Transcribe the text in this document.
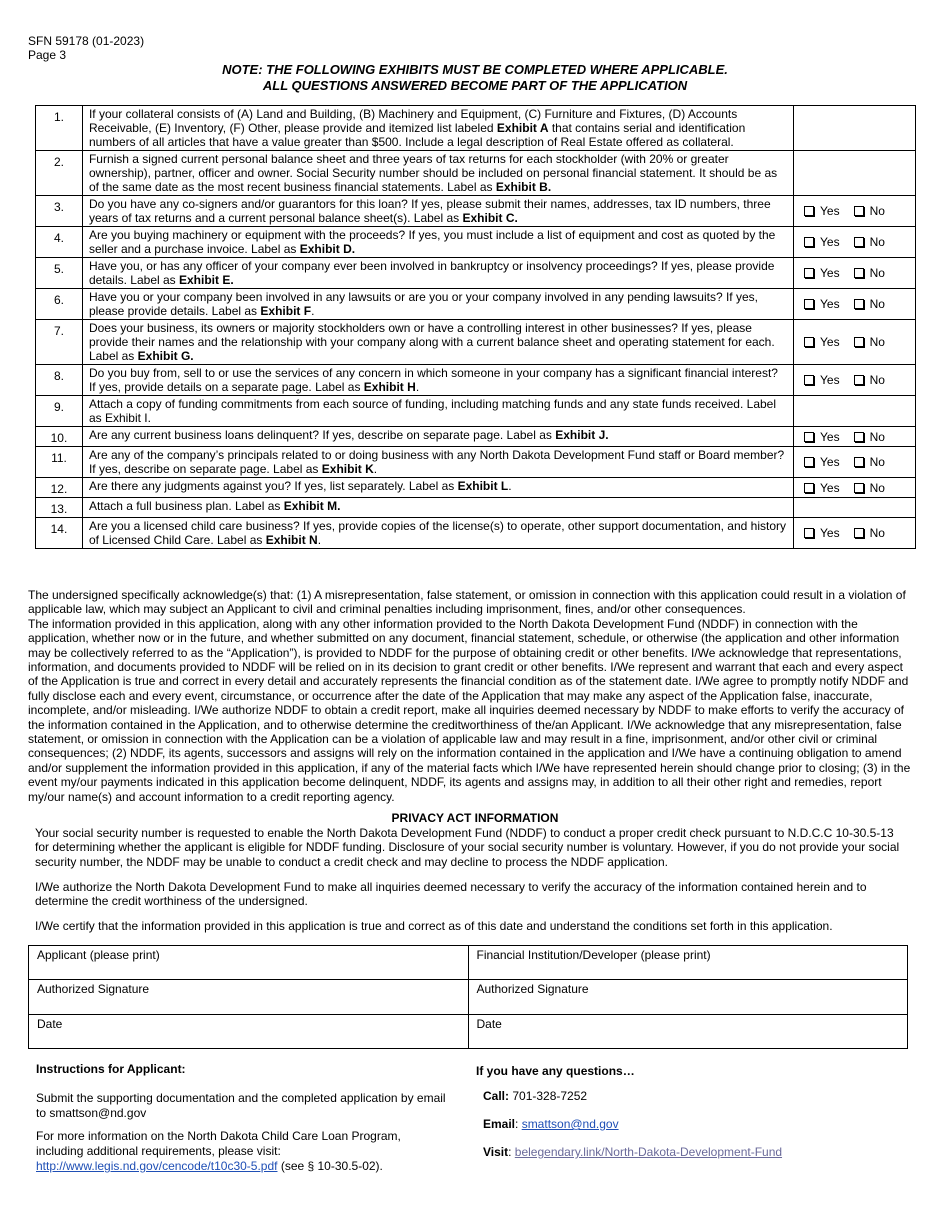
SFN 59178 (01-2023)
Page 3
NOTE: THE FOLLOWING EXHIBITS MUST BE COMPLETED WHERE APPLICABLE.
ALL QUESTIONS ANSWERED BECOME PART OF THE APPLICATION
1.	If your collateral consists of (A) Land and Building, (B) Machinery and Equipment, (C) Furniture and Fixtures, (D) Accounts Receivable, (E) Inventory, (F) Other, please provide and itemized list labeled Exhibit A that contains serial and identification numbers of all articles that have a value greater than $500. Include a legal description of Real Estate offered as collateral.	
2.	Furnish a signed current personal balance sheet and three years of tax returns for each stockholder (with 20% or greater ownership), partner, officer and owner. Social Security number should be included on personal financial statement. It should be as of the same date as the most recent business financial statements. Label as Exhibit B.	
3.	Do you have any co-signers and/or guarantors for this loan? If yes, please submit their names, addresses, tax ID numbers, three years of tax returns and a current personal balance sheet(s). Label as Exhibit C.	Yes No
4.	Are you buying machinery or equipment with the proceeds? If yes, you must include a list of equipment and cost as quoted by the seller and a purchase invoice. Label as Exhibit D.	Yes No
5.	Have you, or has any officer of your company ever been involved in bankruptcy or insolvency proceedings? If yes, please provide details. Label as Exhibit E.	Yes No
6.	Have you or your company been involved in any lawsuits or are you or your company involved in any pending lawsuits? If yes, please provide details. Label as Exhibit F.	Yes No
7.	Does your business, its owners or majority stockholders own or have a controlling interest in other businesses? If yes, please provide their names and the relationship with your company along with a current balance sheet and operating statement for each. Label as Exhibit G.	Yes No
8.	Do you buy from, sell to or use the services of any concern in which someone in your company has a significant financial interest? If yes, provide details on a separate page. Label as Exhibit H.	Yes No
9.	Attach a copy of funding commitments from each source of funding, including matching funds and any state funds received. Label as Exhibit I.	
10.	Are any current business loans delinquent? If yes, describe on separate page. Label as Exhibit J.	Yes No
11.	Are any of the company’s principals related to or doing business with any North Dakota Development Fund staff or Board member? If yes, describe on separate page. Label as Exhibit K.	Yes No
12.	Are there any judgments against you? If yes, list separately. Label as Exhibit L.	Yes No
13.	Attach a full business plan. Label as Exhibit M.	
14.	Are you a licensed child care business? If yes, provide copies of the license(s) to operate, other support documentation, and history of Licensed Child Care. Label as Exhibit N.	Yes No
The undersigned specifically acknowledge(s) that: (1) A misrepresentation, false statement, or omission in connection with this application could result in a violation of applicable law, which may subject an Applicant to civil and criminal penalties including imprisonment, fines, and/or other consequences.
The information provided in this application, along with any other information provided to the North Dakota Development Fund (NDDF) in connection with the application, whether now or in the future, and whether submitted on any document, financial statement, schedule, or otherwise (the application and other information may be collectively referred to as the “Application”), is provided to NDDF for the purpose of obtaining credit or other benefits. I/We acknowledge that representations, information, and documents provided to NDDF will be relied on in its decision to grant credit or other benefits. I/We represent and warrant that each and every aspect of the Application is true and correct in every detail and accurately represents the financial condition as of the statement date. I/We agree to promptly notify NDDF and fully disclose each and every event, circumstance, or occurrence after the date of the Application that may make any aspect of the Application false, inaccurate, incomplete, and/or misleading. I/We authorize NDDF to obtain a credit report, make all inquiries deemed necessary by NDDF to make efforts to verify the accuracy of the information contained in the Application, and to otherwise determine the creditworthiness of the/an Applicant. I/We acknowledge that any misrepresentation, false statement, or omission in connection with the Application can be a violation of applicable law and may result in a fine, imprisonment, and/or other civil or criminal consequences; (2) NDDF, its agents, successors and assigns will rely on the information contained in the application and I/We have a continuing obligation to amend and/or supplement the information provided in this application, if any of the material facts which I/We have represented herein should change prior to closing; (3) in the event my/our payments indicated in this application become delinquent, NDDF, its agents and assigns may, in addition to all their other right and remedies, report my/our name(s) and account information to a credit reporting agency.
PRIVACY ACT INFORMATION
Your social security number is requested to enable the North Dakota Development Fund (NDDF) to conduct a proper credit check pursuant to N.D.C.C 10-30.5-13 for determining whether the applicant is eligible for NDDF funding. Disclosure of your social security number is voluntary. However, if you do not provide your social security number, the NDDF may be unable to conduct a credit check and may decline to process the NDDF application.
I/We authorize the North Dakota Development Fund to make all inquiries deemed necessary to verify the accuracy of the information contained herein and to determine the credit worthiness of the undersigned.
I/We certify that the information provided in this application is true and correct as of this date and understand the conditions set forth in this application.
Applicant (please print)	Financial Institution/Developer (please print)
Authorized Signature	Authorized Signature
Date	Date

Instructions for Applicant:

Submit the supporting documentation and the completed application by email to smattson@nd.gov

For more information on the North Dakota Child Care Loan Program, including additional requirements, please visit:
http://www.legis.nd.gov/cencode/t10c30-5.pdf (see § 10-30.5-02).

If you have any questions…
Call: 701-328-7252
Email: smattson@nd.gov
Visit: belegendary.link/North-Dakota-Development-Fund
